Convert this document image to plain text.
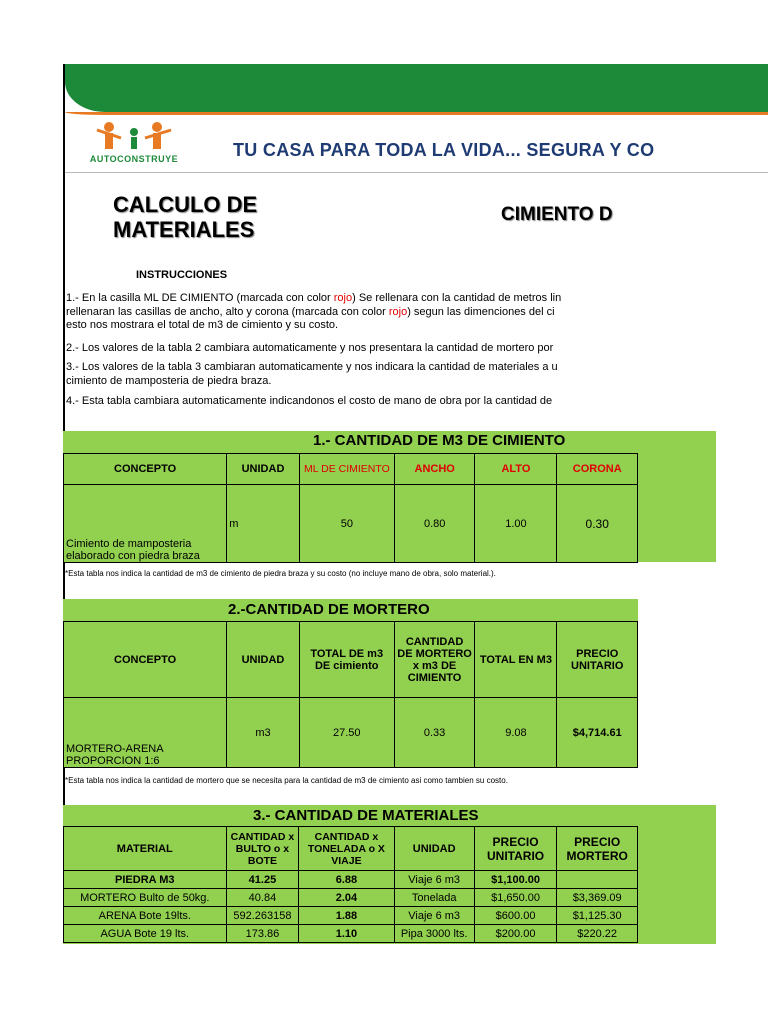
AUTOCONSTRUYE	TU CASA PARA TODA LA VIDA... SEGURA Y CO
CALCULO DE
MATERIALES
CIMIENTO D
INSTRUCCIONES
1.- En la casilla ML DE CIMIENTO (marcada con color rojo) Se rellenara con la cantidad de metros lin
rellenaran las casillas de ancho, alto y corona (marcada con color rojo) segun las dimenciones del ci
esto nos mostrara el total de m3 de cimiento y su costo.
2.- Los valores de la tabla 2 cambiara automaticamente y nos presentara la cantidad de mortero por
3.- Los valores de la tabla 3 cambiaran automaticamente y nos indicara la cantidad de materiales a u
cimiento de mamposteria de piedra braza.
4.- Esta tabla cambiara automaticamente indicandonos el costo de mano de obra por la cantidad de
1.- CANTIDAD DE M3 DE CIMIENTO
CONCEPTO	UNIDAD	ML DE CIMIENTO	ANCHO	ALTO	CORONA
Cimiento de mamposteria elaborado con piedra braza	m	50	0.80	1.00	0.30
*Esta tabla nos indica la cantidad de m3 de cimiento de piedra braza y su costo (no incluye mano de obra, solo material.).
2.-CANTIDAD DE MORTERO
CONCEPTO	UNIDAD	TOTAL DE m3 DE cimiento	CANTIDAD DE MORTERO x m3 DE CIMIENTO	TOTAL EN M3	PRECIO UNITARIO
MORTERO-ARENA PROPORCION 1:6	m3	27.50	0.33	9.08	$4,714.61
*Esta tabla nos indica la cantidad de mortero que se necesita para la cantidad de m3 de cimiento asi como tambien su costo.
3.- CANTIDAD DE MATERIALES
MATERIAL	CANTIDAD x BULTO o x BOTE	CANTIDAD x TONELADA o X VIAJE	UNIDAD	PRECIO UNITARIO	PRECIO MORTERO
PIEDRA M3	41.25	6.88	Viaje 6 m3	$1,100.00	
MORTERO Bulto de 50kg.	40.84	2.04	Tonelada	$1,650.00	$3,369.09
ARENA Bote 19lts.	592.263158	1.88	Viaje 6 m3	$600.00	$1,125.30
AGUA Bote 19 lts.	173.86	1.10	Pipa 3000 lts.	$200.00	$220.22
